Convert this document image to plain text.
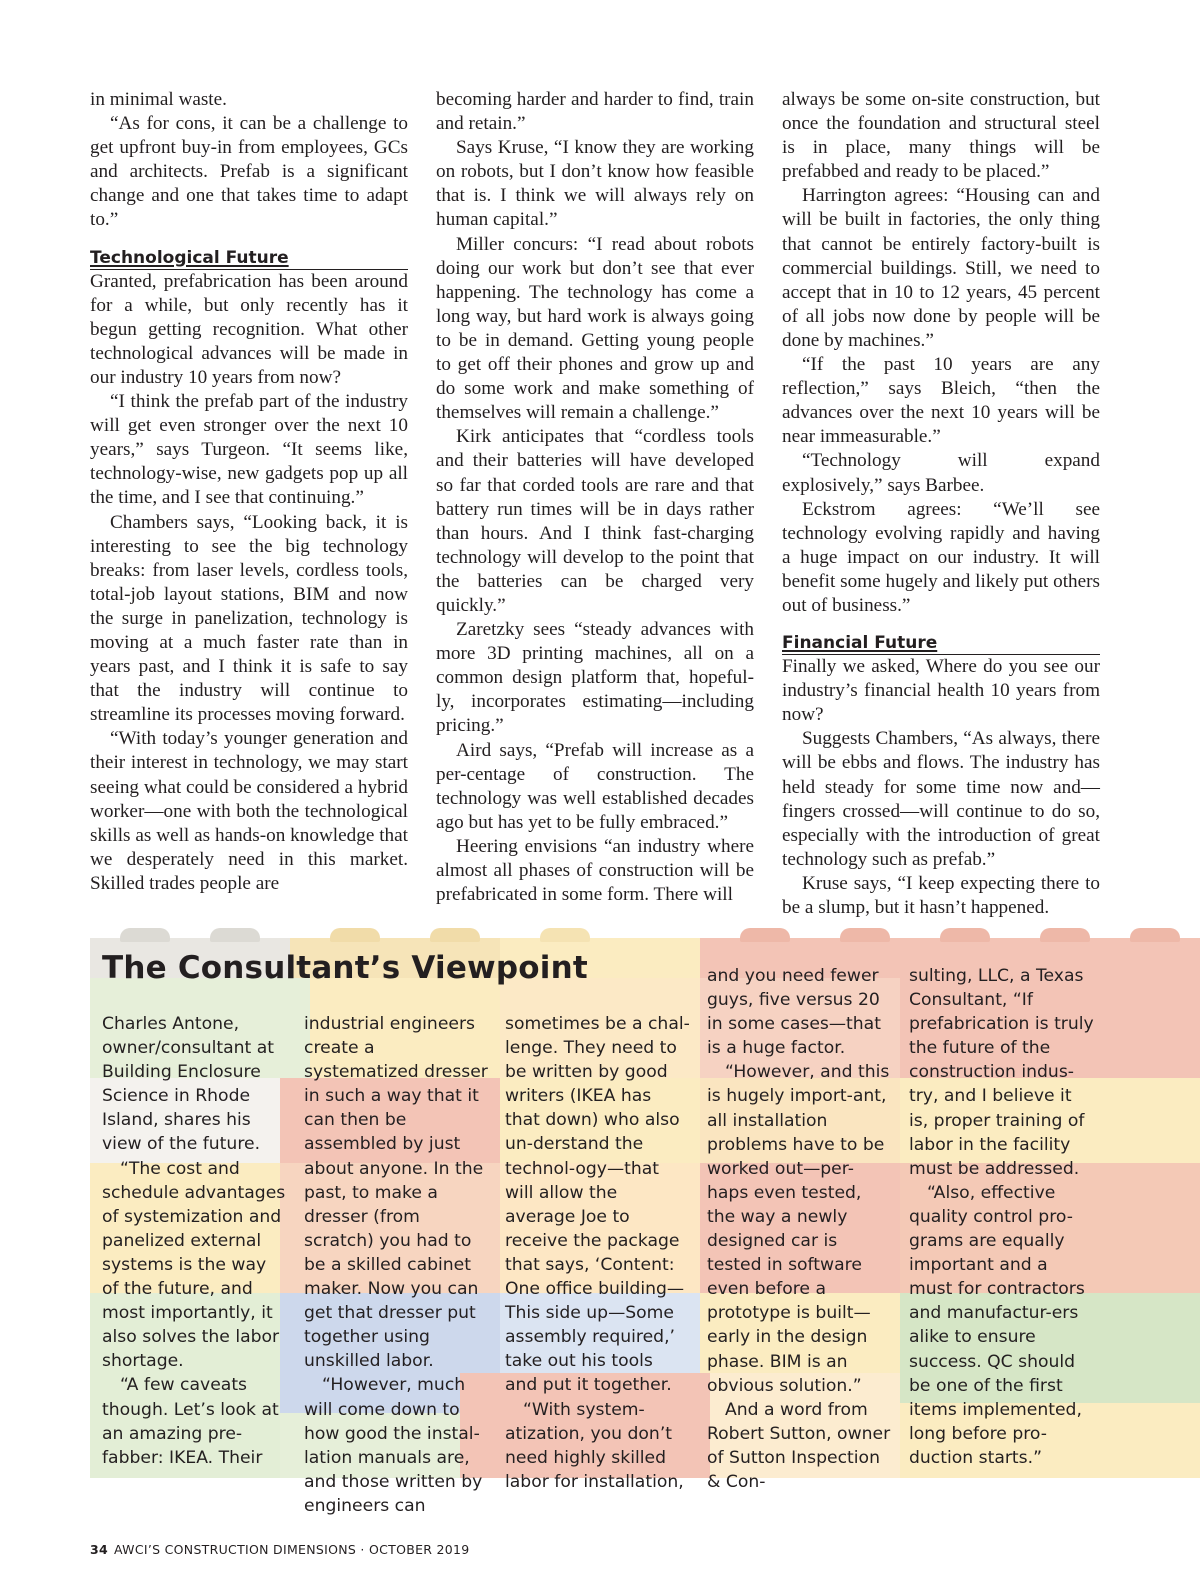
in minimal waste.

“As for cons, it can be a challenge to get upfront buy-in from employees, GCs and architects. Prefab is a significant change and one that takes time to adapt to.”

Technological Future

Granted, prefabrication has been around for a while, but only recently has it begun getting recognition. What other technological advances will be made in our industry 10 years from now?

“I think the prefab part of the industry will get even stronger over the next 10 years,” says Turgeon. “It seems like, technology-wise, new gadgets pop up all the time, and I see that continuing.”

Chambers says, “Looking back, it is interesting to see the big technology breaks: from laser levels, cordless tools, total-job layout stations, BIM and now the surge in panelization, technology is moving at a much faster rate than in years past, and I think it is safe to say that the industry will continue to streamline its processes moving forward.

“With today’s younger generation and their interest in technology, we may start seeing what could be considered a hybrid worker—one with both the technological skills as well as hands-on knowledge that we desperately need in this market. Skilled trades people are

becoming harder and harder to find, train and retain.”

Says Kruse, “I know they are working on robots, but I don’t know how feasible that is. I think we will always rely on human capital.”

Miller concurs: “I read about robots doing our work but don’t see that ever happening. The technology has come a long way, but hard work is always going to be in demand. Getting young people to get off their phones and grow up and do some work and make something of themselves will remain a challenge.”

Kirk anticipates that “cordless tools and their batteries will have developed so far that corded tools are rare and that battery run times will be in days rather than hours. And I think fast-charging technology will develop to the point that the batteries can be charged very quickly.”

Zaretzky sees “steady advances with more 3D printing machines, all on a common design platform that, hopeful-ly, incorporates estimating—including pricing.”

Aird says, “Prefab will increase as a per-centage of construction. The technology was well established decades ago but has yet to be fully embraced.”

Heering envisions “an industry where almost all phases of construction will be prefabricated in some form. There will

always be some on-site construction, but once the foundation and structural steel is in place, many things will be prefabbed and ready to be placed.”

Harrington agrees: “Housing can and will be built in factories, the only thing that cannot be entirely factory-built is commercial buildings. Still, we need to accept that in 10 to 12 years, 45 percent of all jobs now done by people will be done by machines.”

“If the past 10 years are any reflection,” says Bleich, “then the advances over the next 10 years will be near immeasurable.”

“Technology will expand explosively,” says Barbee.

Eckstrom agrees: “We’ll see technology evolving rapidly and having a huge impact on our industry. It will benefit some hugely and likely put others out of business.”

Financial Future

Finally we asked, Where do you see our industry’s financial health 10 years from now?

Suggests Chambers, “As always, there will be ebbs and flows. The industry has held steady for some time now and—fingers crossed—will continue to do so, especially with the introduction of great technology such as prefab.”

Kruse says, “I keep expecting there to be a slump, but it hasn’t happened.

The Consultant’s Viewpoint

Charles Antone, owner/consultant at Building Enclosure Science in Rhode Island, shares his view of the future.

“The cost and schedule advantages of systemization and panelized external systems is the way of the future, and most importantly, it also solves the labor shortage.

“A few caveats though. Let’s look at an amazing pre-fabber: IKEA. Their

industrial engineers create a systematized dresser in such a way that it can then be assembled by just about anyone. In the past, to make a dresser (from scratch) you had to be a skilled cabinet maker. Now you can get that dresser put together using unskilled labor.

“However, much will come down to how good the instal-lation manuals are, and those written by engineers can

sometimes be a chal-lenge. They need to be written by good writers (IKEA has that down) who also un-derstand the technol-ogy—that will allow the average Joe to receive the package that says, ‘Content: One office building—This side up—Some assembly required,’ take out his tools and put it together.

“With system-atization, you don’t need highly skilled labor for installation,

and you need fewer guys, five versus 20 in some cases—that is a huge factor.

“However, and this is hugely import-ant, all installation problems have to be worked out—per-haps even tested, the way a newly designed car is tested in software even before a prototype is built—early in the design phase. BIM is an obvious solution.”

And a word from Robert Sutton, owner of Sutton Inspection & Con-

sulting, LLC, a Texas Consultant, “If prefabrication is truly the future of the construction indus-try, and I believe it is, proper training of labor in the facility must be addressed.

“Also, effective quality control pro-grams are equally important and a must for contractors and manufactur-ers alike to ensure success. QC should be one of the first items implemented, long before pro-duction starts.”

34 AWCI’S CONSTRUCTION DIMENSIONS · OCTOBER 2019
